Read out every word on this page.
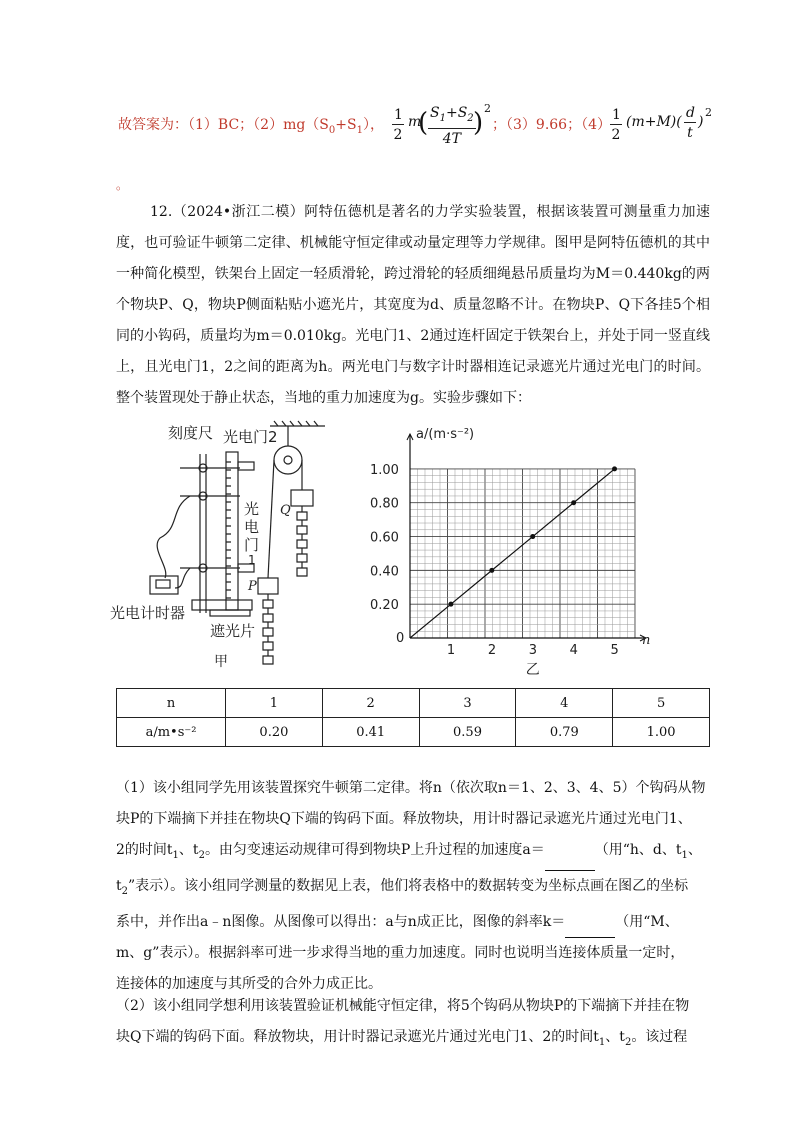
故答案为：（1）BC；$(2)mg(S_0+S_1)$， $\frac{1}{2}$ m
( $\frac{S_1+S_2}{4T}$
) 2
；（3）9.66；$(4) \frac{1}{2} (m+M)( \frac{d}{t}$ )
2
。

12.（2024•浙江二模）阿特伍德机是著名的力学实验装置，根据该装置可测量重力加速度，也可验证牛顿第二定律、机械能守恒定律或动量定理等力学规律。图甲是阿特伍德机的其中一种简化模型，铁架台上固定一轻质滑轮，跨过滑轮的轻质细绳悬吊质量均为M＝0.440kg的两个物块P、Q，物块P侧面粘贴小遮光片，其宽度为d、质量忽略不计。在物块P、Q下各挂5个相同的小钩码，质量均为m＝0.010kg。光电门1、2通过连杆固定于铁架台上，并处于同一竖直线上，且光电门1，2之间的距离为h。两光电门与数字计时器相连记录遮光片通过光电门的时间。整个装置现处于静止状态，当地的重力加速度为g。实验步骤如下：

刻度尺 光电门2
Q
光
电
门
1
P
光电计时器
遮光片
甲
1	2	3	4	5
0.20
0.40
0.60
0.80
1.00
a/(m·s⁻²)
n
0
乙
n	1	2	3	4	5
a/m•s⁻²	0.20	0.41	0.59	0.79	1.00

（1）该小组同学先用该装置探究牛顿第二定律。将n（依次取n＝1、2、3、4、5）个钩码从物

块P的下端摘下并挂在物块Q下端的钩码下面。释放物块，用计时器记录遮光片通过光电门1、

2的时间$t_1$、$t_2$。由匀变速运动规律可得到物块P上升过程的加速度a＝	（用“h、d、$t_1$、

$t_2$”表示）。该小组同学测量的数据见上表，他们将表格中的数据转变为坐标点画在图乙的坐标

系中，并作出a﹣n图像。从图像可以得出：a与n成正比，图像的斜率k＝	（用“M、

m、g”表示）。根据斜率可进一步求得当地的重力加速度。同时也说明当连接体质量一定时，

连接体的加速度与其所受的合外力成正比。

（2）该小组同学想利用该装置验证机械能守恒定律，将5个钩码从物块P的下端摘下并挂在物

块Q下端的钩码下面。释放物块，用计时器记录遮光片通过光电门1、2的时间$t_1$、$t_2$。该过程
